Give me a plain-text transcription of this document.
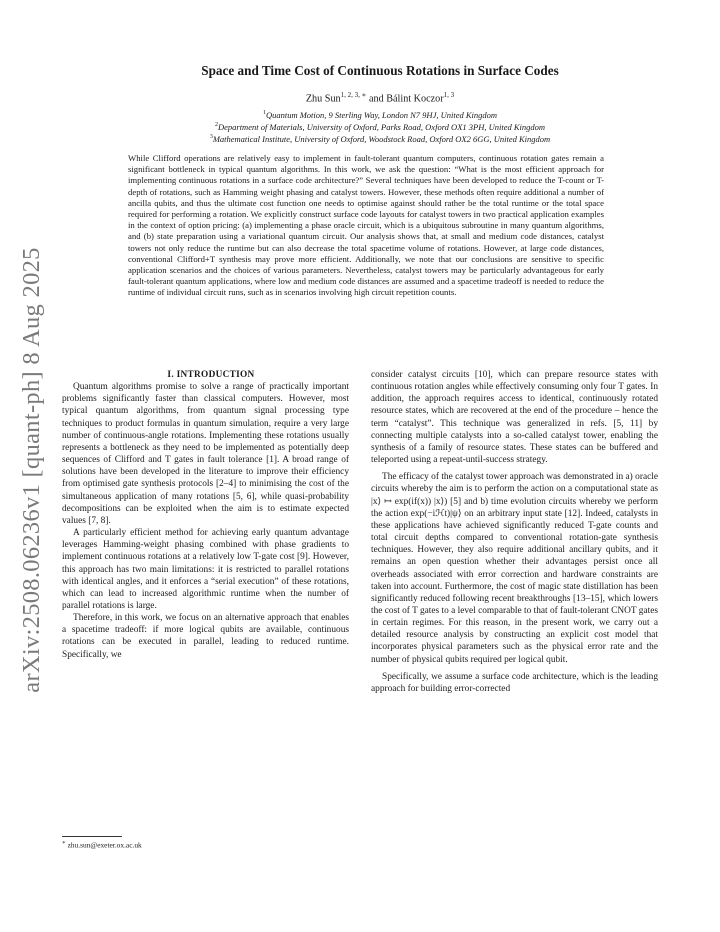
arXiv:2508.06236v1 [quant-ph] 8 Aug 2025
Space and Time Cost of Continuous Rotations in Surface Codes
Zhu Sun$^{1, 2, 3, ∗}$ and Bálint Koczor$^{1, 3}$
$^1$Quantum Motion, 9 Sterling Way, London N7 9HJ, United Kingdom
$^2$Department of Materials, University of Oxford, Parks Road, Oxford OX1 3PH, United Kingdom
$^3$Mathematical Institute, University of Oxford, Woodstock Road, Oxford OX2 6GG, United Kingdom
While Clifford operations are relatively easy to implement in fault-tolerant quantum computers, continuous rotation gates remain a significant bottleneck in typical quantum algorithms. In this work, we ask the question: “What is the most efficient approach for implementing continuous rotations in a surface code architecture?” Several techniques have been developed to reduce the T-count or T-depth of rotations, such as Hamming weight phasing and catalyst towers. However, these methods often require additional a number of ancilla qubits, and thus the ultimate cost function one needs to optimise against should rather be the total runtime or the total space required for performing a rotation. We explicitly construct surface code layouts for catalyst towers in two practical application examples in the context of option pricing: (a) implementing a phase oracle circuit, which is a ubiquitous subroutine in many quantum algorithms, and (b) state preparation using a variational quantum circuit. Our analysis shows that, at small and medium code distances, catalyst towers not only reduce the runtime but can also decrease the total spacetime volume of rotations. However, at large code distances, conventional Clifford+T synthesis may prove more efficient. Additionally, we note that our conclusions are sensitive to specific application scenarios and the choices of various parameters. Nevertheless, catalyst towers may be particularly advantageous for early fault-tolerant quantum applications, where low and medium code distances are assumed and a spacetime tradeoff is needed to reduce the runtime of individual circuit runs, such as in scenarios involving high circuit repetition counts.

I. INTRODUCTION

Quantum algorithms promise to solve a range of practically important problems significantly faster than classical computers. However, most typical quantum algorithms, from quantum signal processing type techniques to product formulas in quantum simulation, require a very large number of continuous-angle rotations. Implementing these rotations usually represents a bottleneck as they need to be implemented as potentially deep sequences of Clifford and T gates in fault tolerance [1]. A broad range of solutions have been developed in the literature to improve their efficiency from optimised gate synthesis protocols [2–4] to minimising the cost of the simultaneous application of many rotations [5, 6], while quasi-probability decompositions can be exploited when the aim is to estimate expected values [7, 8].

A particularly efficient method for achieving early quantum advantage leverages Hamming-weight phasing combined with phase gradients to implement continuous rotations at a relatively low T-gate cost [9]. However, this approach has two main limitations: it is restricted to parallel rotations with identical angles, and it enforces a “serial execution” of these rotations, which can lead to increased algorithmic runtime when the number of parallel rotations is large.

Therefore, in this work, we focus on an alternative approach that enables a spacetime tradeoff: if more logical qubits are available, continuous rotations can be executed in parallel, leading to reduced runtime. Specifically, we

consider catalyst circuits [10], which can prepare resource states with continuous rotation angles while effectively consuming only four T gates. In addition, the approach requires access to identical, continuously rotated resource states, which are recovered at the end of the procedure – hence the term “catalyst”. This technique was generalized in refs. [5, 11] by connecting multiple catalysts into a so-called catalyst tower, enabling the synthesis of a family of resource states. These states can be buffered and teleported using a repeat-until-success strategy.

The efficacy of the catalyst tower approach was demonstrated in a) oracle circuits whereby the aim is to perform the action on a computational state as |x⟩ ↦ exp(if(x)) |x⟩) [5] and b) time evolution circuits whereby we perform the action exp(−iℋt)|ψ⟩ on an arbitrary input state [12]. Indeed, catalysts in these applications have achieved significantly reduced T-gate counts and total circuit depths compared to conventional rotation-gate synthesis techniques. However, they also require additional ancillary qubits, and it remains an open question whether their advantages persist once all overheads associated with error correction and hardware constraints are taken into account. Furthermore, the cost of magic state distillation has been significantly reduced following recent breakthroughs [13–15], which lowers the cost of T gates to a level comparable to that of fault-tolerant CNOT gates in certain regimes. For this reason, in the present work, we carry out a detailed resource analysis by constructing an explicit cost model that incorporates physical parameters such as the physical error rate and the number of physical qubits required per logical qubit.

Specifically, we assume a surface code architecture, which is the leading approach for building error-corrected

∗ zhu.sun@exeter.ox.ac.uk
